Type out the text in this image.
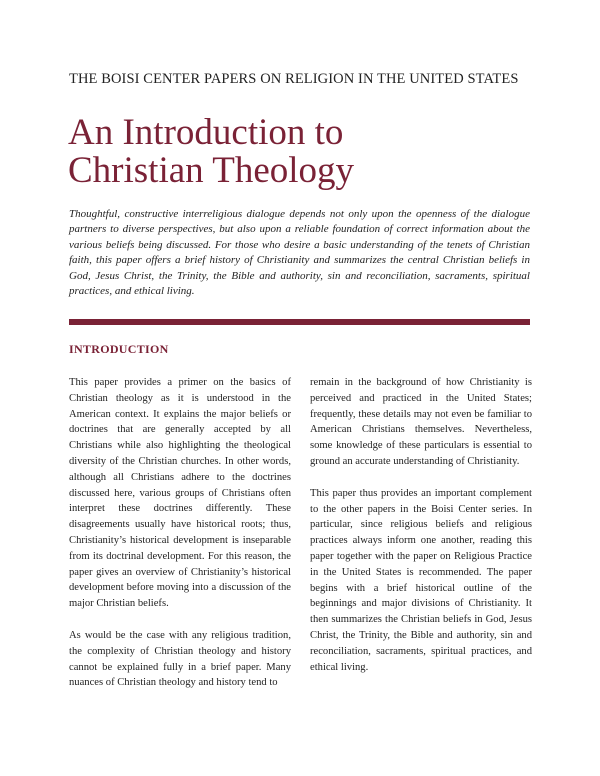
THE BOISI CENTER PAPERS ON RELIGION IN THE UNITED STATES
An Introduction to
Christian Theology
Thoughtful, constructive interreligious dialogue depends not only upon the openness of the dialogue partners to diverse perspectives, but also upon a reliable foundation of correct information about the various beliefs being discussed. For those who desire a basic understanding of the tenets of Christian faith, this paper offers a brief history of Christianity and summarizes the central Christian beliefs in God, Jesus Christ, the Trinity, the Bible and authority, sin and reconciliation, sacraments, spiritual practices, and ethical living.
INTRODUCTION

This paper provides a primer on the basics of Christian theology as it is understood in the American context. It explains the major beliefs or doctrines that are generally accepted by all Christians while also highlighting the theological diversity of the Christian churches. In other words, although all Christians adhere to the doctrines discussed here, various groups of Christians often interpret these doctrines differently. These disagreements usually have historical roots; thus, Christianity’s historical development is inseparable from its doctrinal development. For this reason, the paper gives an overview of Christianity’s historical development before moving into a discussion of the major Christian beliefs.

As would be the case with any religious tradition, the complexity of Christian theology and history cannot be explained fully in a brief paper. Many nuances of Christian theology and history tend to

remain in the background of how Christianity is perceived and practiced in the United States; frequently, these details may not even be familiar to American Christians themselves. Nevertheless, some knowledge of these particulars is essential to ground an accurate understanding of Christianity.

This paper thus provides an important complement to the other papers in the Boisi Center series. In particular, since religious beliefs and religious practices always inform one another, reading this paper together with the paper on Religious Practice in the United States is recommended. The paper begins with a brief historical outline of the beginnings and major divisions of Christianity. It then summarizes the Christian beliefs in God, Jesus Christ, the Trinity, the Bible and authority, sin and reconciliation, sacraments, spiritual practices, and ethical living.
